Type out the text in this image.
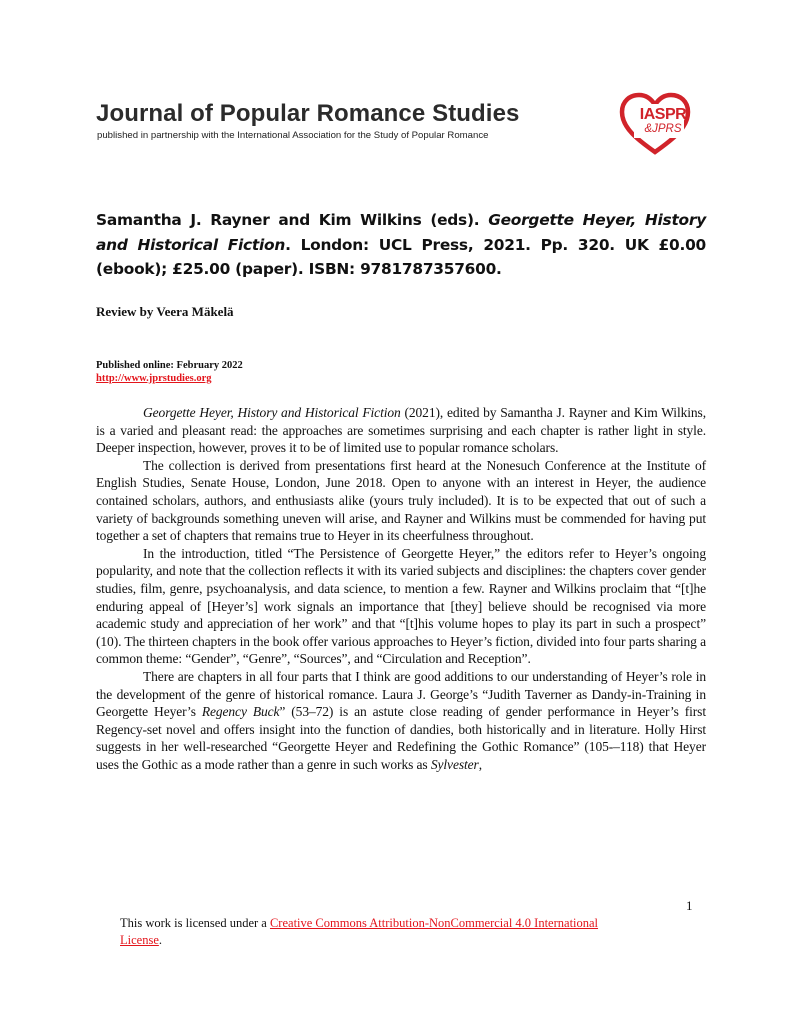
Journal of Popular Romance Studies
published in partnership with the International Association for the Study of Popular Romance
IASPR
&JPRS
Samantha J. Rayner and Kim Wilkins (eds). Georgette Heyer, History and Historical Fiction. London: UCL Press, 2021. Pp. 320. UK £0.00 (ebook); £25.00 (paper). ISBN: 9781787357600.
Review by Veera Mäkelä
Published online: February 2022
http://www.jprstudies.org

Georgette Heyer, History and Historical Fiction (2021), edited by Samantha J. Rayner and Kim Wilkins, is a varied and pleasant read: the approaches are sometimes surprising and each chapter is rather light in style. Deeper inspection, however, proves it to be of limited use to popular romance scholars.

The collection is derived from presentations first heard at the Nonesuch Conference at the Institute of English Studies, Senate House, London, June 2018. Open to anyone with an interest in Heyer, the audience contained scholars, authors, and enthusiasts alike (yours truly included). It is to be expected that out of such a variety of backgrounds something uneven will arise, and Rayner and Wilkins must be commended for having put together a set of chapters that remains true to Heyer in its cheerfulness throughout.

In the introduction, titled “The Persistence of Georgette Heyer,” the editors refer to Heyer’s ongoing popularity, and note that the collection reflects it with its varied subjects and disciplines: the chapters cover gender studies, film, genre, psychoanalysis, and data science, to mention a few. Rayner and Wilkins proclaim that “[t]he enduring appeal of [Heyer’s] work signals an importance that [they] believe should be recognised via more academic study and appreciation of her work” and that “[t]his volume hopes to play its part in such a prospect” (10). The thirteen chapters in the book offer various approaches to Heyer’s fiction, divided into four parts sharing a common theme: “Gender”, “Genre”, “Sources”, and “Circulation and Reception”.

There are chapters in all four parts that I think are good additions to our understanding of Heyer’s role in the development of the genre of historical romance. Laura J. George’s “Judith Taverner as Dandy-in-Training in Georgette Heyer’s Regency Buck” (53–72) is an astute close reading of gender performance in Heyer’s first Regency-set novel and offers insight into the function of dandies, both historically and in literature. Holly Hirst suggests in her well-researched “Georgette Heyer and Redefining the Gothic Romance” (105-–118) that Heyer uses the Gothic as a mode rather than a genre in such works as Sylvester,

1
This work is licensed under a Creative Commons Attribution-NonCommercial 4.0 International License.
